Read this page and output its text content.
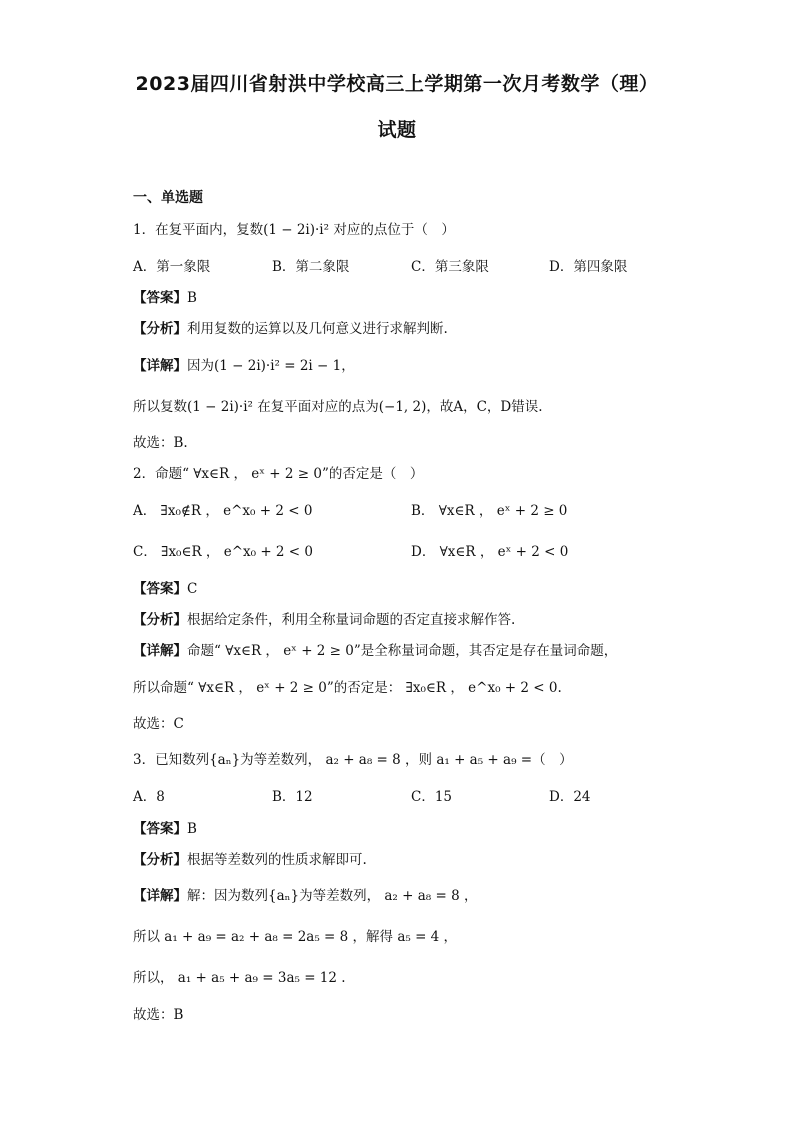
2023届四川省射洪中学校高三上学期第一次月考数学（理）
试题
一、单选题
1．在复平面内，复数(1 − 2i)·i² 对应的点位于（　）
A．第一象限	B．第二象限	C．第三象限	D．第四象限
【答案】B
【分析】利用复数的运算以及几何意义进行求解判断.
【详解】因为(1 − 2i)·i² = 2i − 1，
所以复数(1 − 2i)·i² 在复平面对应的点为(−1, 2)，故A，C，D错误.
故选：B.
2．命题“ ∀x∈R ， eˣ + 2 ≥ 0”的否定是（　）
A． ∃x₀∉R ， e^x₀ + 2 < 0	B． ∀x∈R ， eˣ + 2 ≥ 0
C． ∃x₀∈R ， e^x₀ + 2 < 0	D． ∀x∈R ， eˣ + 2 < 0
【答案】C
【分析】根据给定条件，利用全称量词命题的否定直接求解作答.
【详解】命题“ ∀x∈R ， eˣ + 2 ≥ 0”是全称量词命题，其否定是存在量词命题，
所以命题“ ∀x∈R ， eˣ + 2 ≥ 0”的否定是： ∃x₀∈R ， e^x₀ + 2 < 0.
故选：C
3．已知数列{aₙ}为等差数列， a₂ + a₈ = 8 ，则 a₁ + a₅ + a₉ =（　）
A．8	B．12	C．15	D．24
【答案】B
【分析】根据等差数列的性质求解即可.
【详解】解：因为数列{aₙ}为等差数列， a₂ + a₈ = 8 ，
所以 a₁ + a₉ = a₂ + a₈ = 2a₅ = 8 ，解得 a₅ = 4 ，
所以， a₁ + a₅ + a₉ = 3a₅ = 12 .
故选：B
